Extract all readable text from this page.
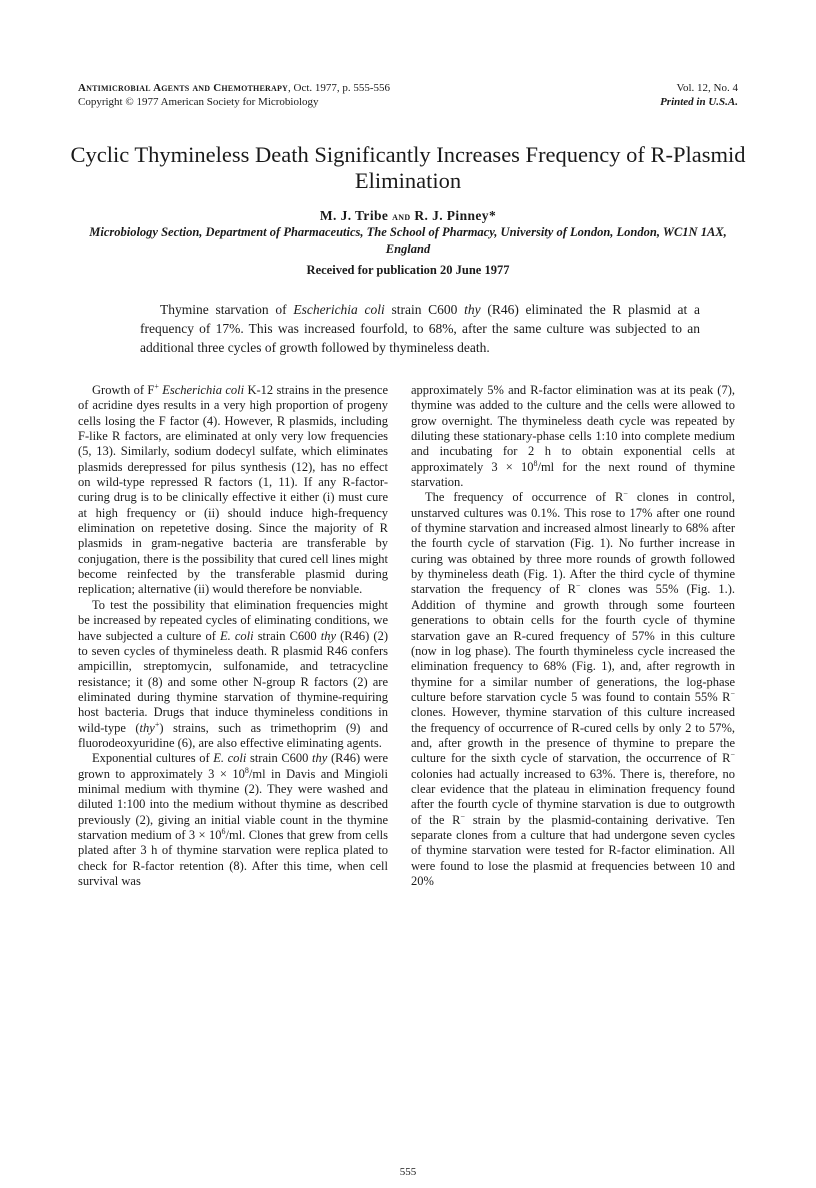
Antimicrobial Agents and Chemotherapy, Oct. 1977, p. 555-556
Copyright © 1977 American Society for Microbiology
Vol. 12, No. 4
Printed in U.S.A.
Cyclic Thymineless Death Significantly Increases Frequency of R-Plasmid Elimination
M. J. Tribe and R. J. Pinney*
Microbiology Section, Department of Pharmaceutics, The School of Pharmacy, University of London, London, WC1N 1AX, England
Received for publication 20 June 1977

Thymine starvation of Escherichia coli strain C600 thy (R46) eliminated the R plasmid at a frequency of 17%. This was increased fourfold, to 68%, after the same culture was subjected to an additional three cycles of growth followed by thymineless death.

Growth of F+ Escherichia coli K-12 strains in the presence of acridine dyes results in a very high proportion of progeny cells losing the F factor (4). However, R plasmids, including F-like R factors, are eliminated at only very low frequencies (5, 13). Similarly, sodium dodecyl sulfate, which eliminates plasmids derepressed for pilus synthesis (12), has no effect on wild-type repressed R factors (1, 11). If any R-factor-curing drug is to be clinically effective it either (i) must cure at high frequency or (ii) should induce high-frequency elimination on repetetive dosing. Since the majority of R plasmids in gram-negative bacteria are transferable by conjugation, there is the possibility that cured cell lines might become reinfected by the transferable plasmid during replication; alternative (ii) would therefore be nonviable.

To test the possibility that elimination frequencies might be increased by repeated cycles of eliminating conditions, we have subjected a culture of E. coli strain C600 thy (R46) (2) to seven cycles of thymineless death. R plasmid R46 confers ampicillin, streptomycin, sulfonamide, and tetracycline resistance; it (8) and some other N-group R factors (2) are eliminated during thymine starvation of thymine-requiring host bacteria. Drugs that induce thymineless conditions in wild-type (thy+) strains, such as trimethoprim (9) and fluorodeoxyuridine (6), are also effective eliminating agents.

Exponential cultures of E. coli strain C600 thy (R46) were grown to approximately $3 \times 10^8/ml$ in Davis and Mingioli minimal medium with thymine (2). They were washed and diluted 1:100 into the medium without thymine as described previously (2), giving an initial viable count in the thymine starvation medium of $3 \times 10^6/ml$. Clones that grew from cells plated after 3 h of thymine starvation were replica plated to check for R-factor retention (8). After this time, when cell survival was

approximately 5% and R-factor elimination was at its peak (7), thymine was added to the culture and the cells were allowed to grow overnight. The thymineless death cycle was repeated by diluting these stationary-phase cells 1:10 into complete medium and incubating for 2 h to obtain exponential cells at approximately $3 \times 10^8/ml$ for the next round of thymine starvation.

The frequency of occurrence of R− clones in control, unstarved cultures was 0.1%. This rose to 17% after one round of thymine starvation and increased almost linearly to 68% after the fourth cycle of starvation (Fig. 1). No further increase in curing was obtained by three more rounds of growth followed by thymineless death (Fig. 1). After the third cycle of thymine starvation the frequency of R− clones was 55% (Fig. 1.). Addition of thymine and growth through some fourteen generations to obtain cells for the fourth cycle of thymine starvation gave an R-cured frequency of 57% in this culture (now in log phase). The fourth thymineless cycle increased the elimination frequency to 68% (Fig. 1), and, after regrowth in thymine for a similar number of generations, the log-phase culture before starvation cycle 5 was found to contain 55% R− clones. However, thymine starvation of this culture increased the frequency of occurrence of R-cured cells by only 2 to 57%, and, after growth in the presence of thymine to prepare the culture for the sixth cycle of starvation, the occurrence of R− colonies had actually increased to 63%. There is, therefore, no clear evidence that the plateau in elimination frequency found after the fourth cycle of thymine starvation is due to outgrowth of the R− strain by the plasmid-containing derivative. Ten separate clones from a culture that had undergone seven cycles of thymine starvation were tested for R-factor elimination. All were found to lose the plasmid at frequencies between 10 and 20%

555
